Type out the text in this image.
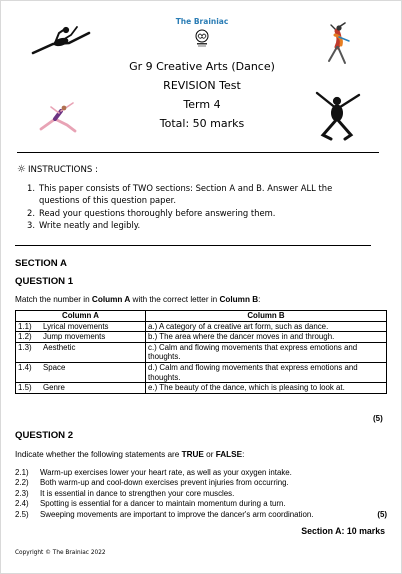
The Brainiac
Gr 9 Creative Arts (Dance)
REVISION Test
Term 4
Total: 50 marks
☼ INSTRUCTIONS :
1. This paper consists of TWO sections: Section A and B. Answer ALL the questions of this question paper.
2. Read your questions thoroughly before answering them.
3. Write neatly and legibly.
SECTION A
QUESTION 1
Match the number in Column A with the correct letter in Column B:
Column A	Column B
1.1) Lyrical movements	a.) A category of a creative art form, such as dance.
1.2) Jump movements	b.) The area where the dancer moves in and through.
1.3) Aesthetic	c.) Calm and flowing movements that express emotions and thoughts.
1.4) Space	d.) Calm and flowing movements that express emotions and thoughts.
1.5) Genre	e.) The beauty of the dance, which is pleasing to look at.
(5)
QUESTION 2
Indicate whether the following statements are TRUE or FALSE:
2.1)	Warm-up exercises lower your heart rate, as well as your oxygen intake.
2.2)	Both warm-up and cool-down exercises prevent injuries from occurring.
2.3)	It is essential in dance to strengthen your core muscles.
2.4)	Spotting is essential for a dancer to maintain momentum during a turn.
2.5)	Sweeping movements are important to improve the dancer's arm coordination.	(5)
Section A: 10 marks
Copyright © The Brainiac 2022
